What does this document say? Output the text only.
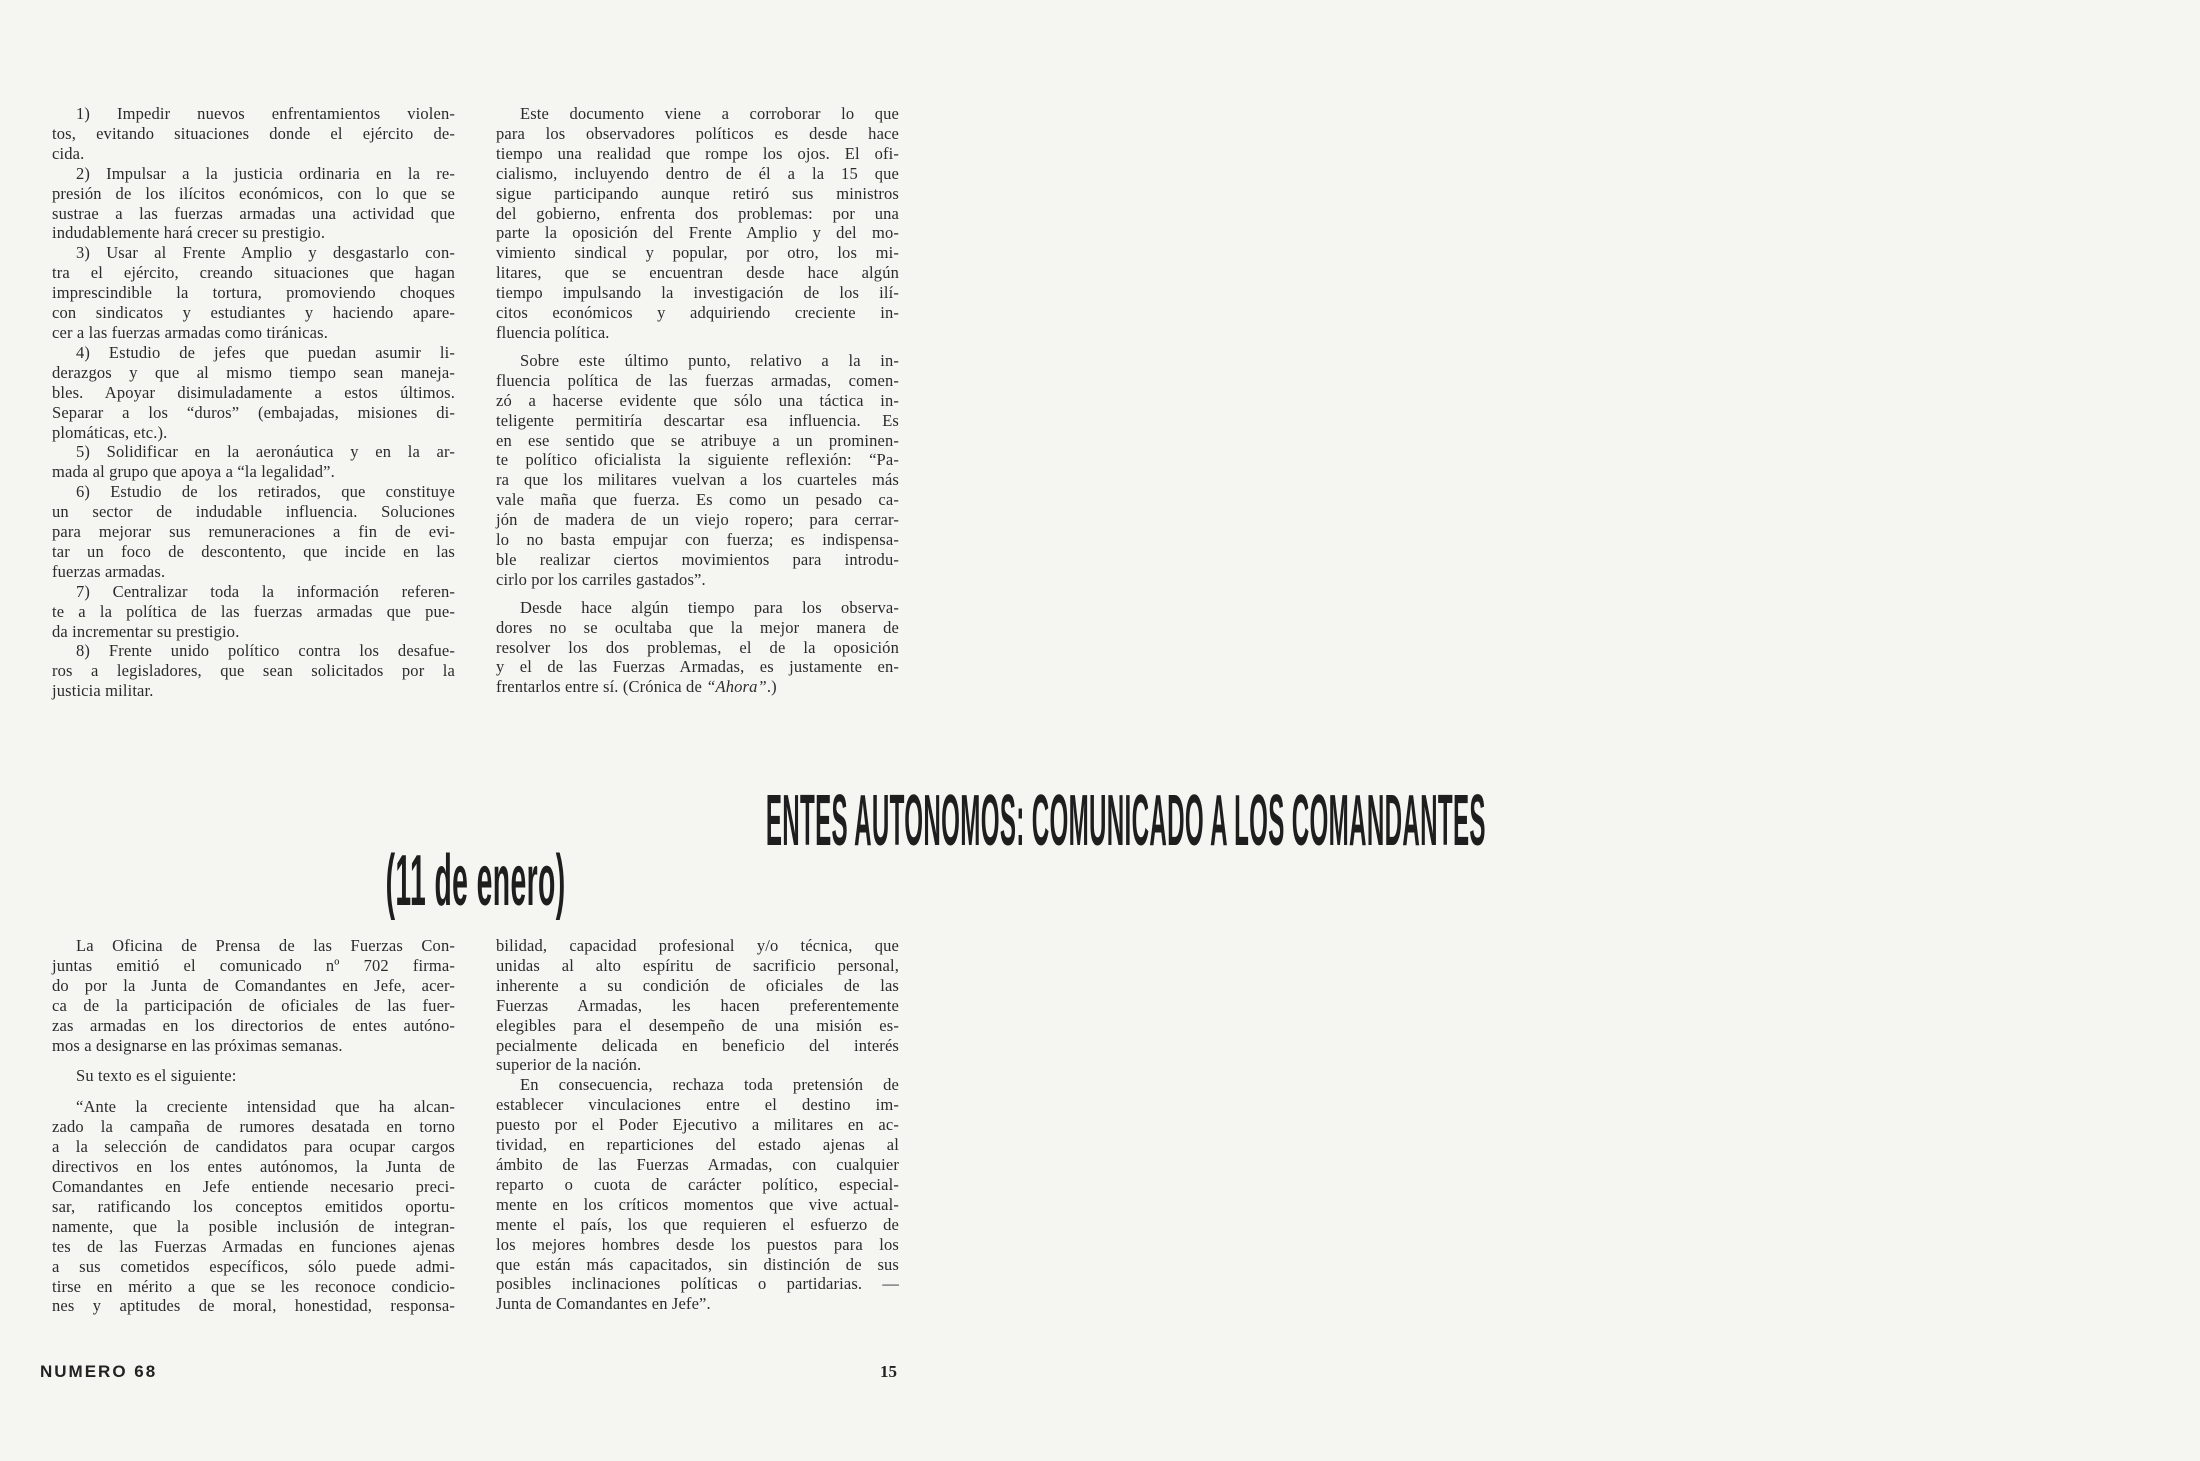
1) Impedir nuevos enfrentamientos violen-
tos, evitando situaciones donde el ejército de-
cida.
2) Impulsar a la justicia ordinaria en la re-
presión de los ilícitos económicos, con lo que se
sustrae a las fuerzas armadas una actividad que
indudablemente hará crecer su prestigio.
3) Usar al Frente Amplio y desgastarlo con-
tra el ejército, creando situaciones que hagan
imprescindible la tortura, promoviendo choques
con sindicatos y estudiantes y haciendo apare-
cer a las fuerzas armadas como tiránicas.
4) Estudio de jefes que puedan asumir li-
derazgos y que al mismo tiempo sean maneja-
bles. Apoyar disimuladamente a estos últimos.
Separar a los “duros” (embajadas, misiones di-
plomáticas, etc.).
5) Solidificar en la aeronáutica y en la ar-
mada al grupo que apoya a “la legalidad”.
6) Estudio de los retirados, que constituye
un sector de indudable influencia. Soluciones
para mejorar sus remuneraciones a fin de evi-
tar un foco de descontento, que incide en las
fuerzas armadas.
7) Centralizar toda la información referen-
te a la política de las fuerzas armadas que pue-
da incrementar su prestigio.
8) Frente unido político contra los desafue-
ros a legisladores, que sean solicitados por la
justicia militar.
Este documento viene a corroborar lo que
para los observadores políticos es desde hace
tiempo una realidad que rompe los ojos. El ofi-
cialismo, incluyendo dentro de él a la 15 que
sigue participando aunque retiró sus ministros
del gobierno, enfrenta dos problemas: por una
parte la oposición del Frente Amplio y del mo-
vimiento sindical y popular, por otro, los mi-
litares, que se encuentran desde hace algún
tiempo impulsando la investigación de los ilí-
citos económicos y adquiriendo creciente in-
fluencia política.
Sobre este último punto, relativo a la in-
fluencia política de las fuerzas armadas, comen-
zó a hacerse evidente que sólo una táctica in-
teligente permitiría descartar esa influencia. Es
en ese sentido que se atribuye a un prominen-
te político oficialista la siguiente reflexión: “Pa-
ra que los militares vuelvan a los cuarteles más
vale maña que fuerza. Es como un pesado ca-
jón de madera de un viejo ropero; para cerrar-
lo no basta empujar con fuerza; es indispensa-
ble realizar ciertos movimientos para introdu-
cirlo por los carriles gastados”.
Desde hace algún tiempo para los observa-
dores no se ocultaba que la mejor manera de
resolver los dos problemas, el de la oposición
y el de las Fuerzas Armadas, es justamente en-
frentarlos entre sí. (Crónica de “Ahora”.)
ENTES AUTONOMOS: COMUNICADO A LOS COMANDANTES
(11 de enero)
La Oficina de Prensa de las Fuerzas Con-
juntas emitió el comunicado nº 702 firma-
do por la Junta de Comandantes en Jefe, acer-
ca de la participación de oficiales de las fuer-
zas armadas en los directorios de entes autóno-
mos a designarse en las próximas semanas.
Su texto es el siguiente:
“Ante la creciente intensidad que ha alcan-
zado la campaña de rumores desatada en torno
a la selección de candidatos para ocupar cargos
directivos en los entes autónomos, la Junta de
Comandantes en Jefe entiende necesario preci-
sar, ratificando los conceptos emitidos oportu-
namente, que la posible inclusión de integran-
tes de las Fuerzas Armadas en funciones ajenas
a sus cometidos específicos, sólo puede admi-
tirse en mérito a que se les reconoce condicio-
nes y aptitudes de moral, honestidad, responsa-
bilidad, capacidad profesional y/o técnica, que
unidas al alto espíritu de sacrificio personal,
inherente a su condición de oficiales de las
Fuerzas Armadas, les hacen preferentemente
elegibles para el desempeño de una misión es-
pecialmente delicada en beneficio del interés
superior de la nación.
En consecuencia, rechaza toda pretensión de
establecer vinculaciones entre el destino im-
puesto por el Poder Ejecutivo a militares en ac-
tividad, en reparticiones del estado ajenas al
ámbito de las Fuerzas Armadas, con cualquier
reparto o cuota de carácter político, especial-
mente en los críticos momentos que vive actual-
mente el país, los que requieren el esfuerzo de
los mejores hombres desde los puestos para los
que están más capacitados, sin distinción de sus
posibles inclinaciones políticas o partidarias. —
Junta de Comandantes en Jefe”.
NUMERO 68	15
